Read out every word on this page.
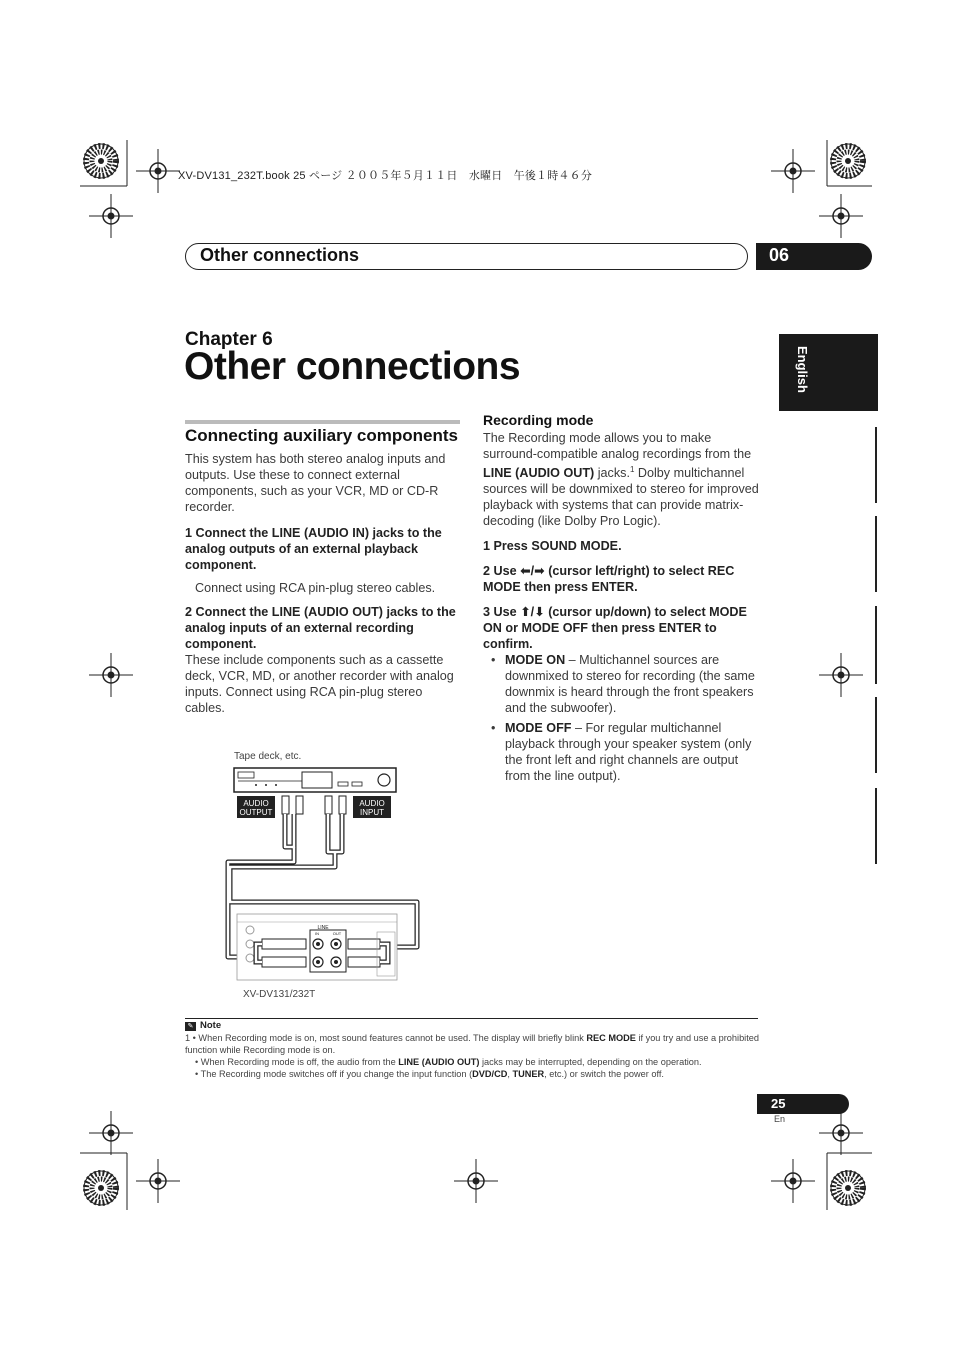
XV-DV131_232T.book 25 ページ ２００５年５月１１日　水曜日　午後１時４６分
Other connections	06
English
Chapter 6
Other connections

Connecting auxiliary components

This system has both stereo analog inputs and outputs. Use these to connect external components, such as your VCR, MD or CD-R recorder.

1 Connect the LINE (AUDIO IN) jacks to the analog outputs of an external playback component.

Connect using RCA pin-plug stereo cables.

2 Connect the LINE (AUDIO OUT) jacks to the analog inputs of an external recording component.

These include components such as a cassette deck, VCR, MD, or another recorder with analog inputs. Connect using RCA pin-plug stereo cables.

Tape deck, etc.
AUDIO
OUTPUT
AUDIO
INPUT
LINE
IN	OUT
XV-DV131/232T

Recording mode

The Recording mode allows you to make surround-compatible analog recordings from the LINE (AUDIO OUT) jacks.$^1$ Dolby multichannel sources will be downmixed to stereo for improved playback with systems that can provide matrix-decoding (like Dolby Pro Logic).

1 Press SOUND MODE.

2 Use ⬅/➡ (cursor left/right) to select REC MODE then press ENTER.

3 Use ⬆/⬇ (cursor up/down) to select MODE ON or MODE OFF then press ENTER to confirm.

• MODE ON – Multichannel sources are downmixed to stereo for recording (the same downmix is heard through the front speakers and the subwoofer).

• MODE OFF – For regular multichannel playback through your speaker system (only the front left and right channels are output from the line output).

✎ Note
1 • When Recording mode is on, most sound features cannot be used. The display will briefly blink REC MODE if you try and use a prohibited function while Recording mode is on.
• When Recording mode is off, the audio from the LINE (AUDIO OUT) jacks may be interrupted, depending on the operation.
• The Recording mode switches off if you change the input function (DVD/CD, TUNER, etc.) or switch the power off.
25
En
